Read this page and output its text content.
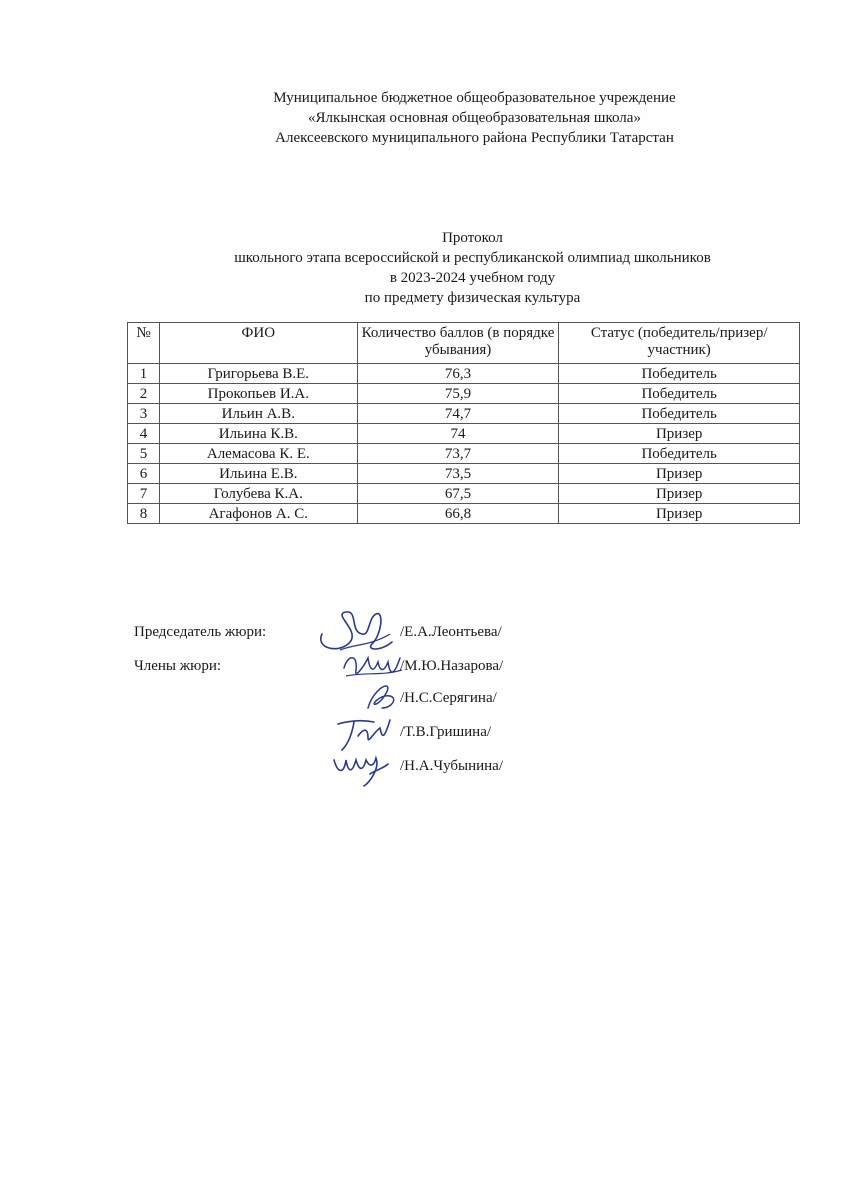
Муниципальное бюджетное общеобразовательное учреждение
«Ялкынская основная общеобразовательная школа»
Алексеевского муниципального района Республики Татарстан
Протокол
школьного этапа всероссийской и республиканской олимпиад школьников
в 2023-2024 учебном году
по предмету физическая культура
№	ФИО	Количество баллов (в порядке убывания)	Статус (победитель/призер/участник)
1	Григорьева В.Е.	76,3	Победитель
2	Прокопьев И.А.	75,9	Победитель
3	Ильин А.В.	74,7	Победитель
4	Ильина К.В.	74	Призер
5	Алемасова К. Е.	73,7	Победитель
6	Ильина Е.В.	73,5	Призер
7	Голубева К.А.	67,5	Призер
8	Агафонов А. С.	66,8	Призер
Председатель жюри:	/Е.А.Леонтьева/
Члены жюри:	/М.Ю.Назарова/
/Н.С.Серягина/
/Т.В.Гришина/
/Н.А.Чубынина/
